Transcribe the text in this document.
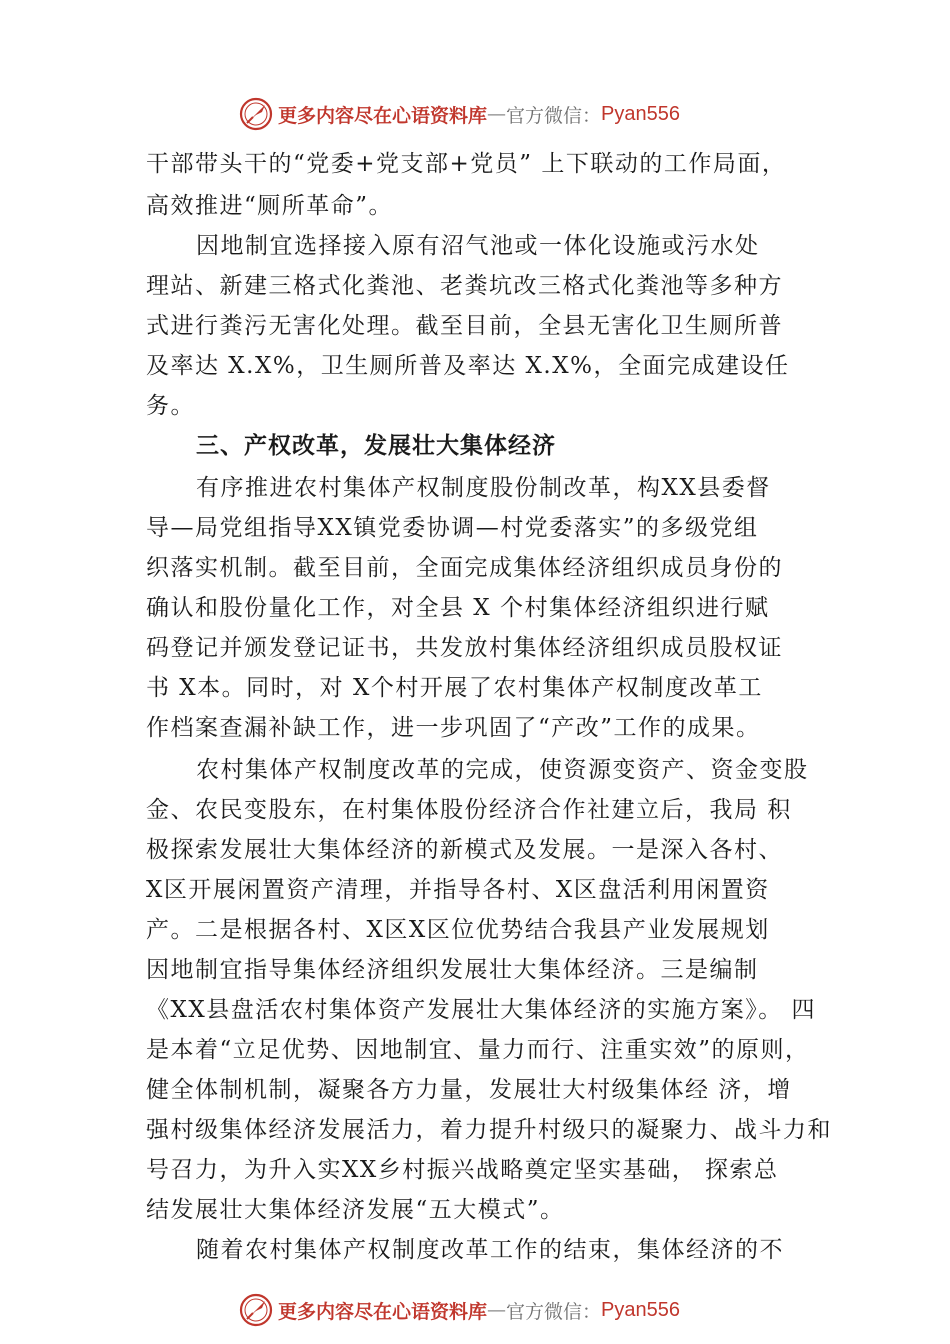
更多内容尽在心语资料库 — 官方微信： Pyan556
干部带头干的“党委+党支部+党员” 上下联动的工作局面，
高效推进“厕所革命”。
因地制宜选择接入原有沼气池或一体化设施或污水处
理站、新建三格式化粪池、老粪坑改三格式化粪池等多种方
式进行粪污无害化处理。截至目前，全县无害化卫生厕所普
及率达 X.X%，卫生厕所普及率达 X.X%，全面完成建设任
务。
三、产权改革，发展壮大集体经济
有序推进农村集体产权制度股份制改革，构XX县委督
导—局党组指导XX镇党委协调—村党委落实”的多级党组
织落实机制。截至目前，全面完成集体经济组织成员身份的
确认和股份量化工作，对全县 X 个村集体经济组织进行赋
码登记并颁发登记证书，共发放村集体经济组织成员股权证
书 X本。同时，对 X个村开展了农村集体产权制度改革工
作档案查漏补缺工作，进一步巩固了“产改”工作的成果。
农村集体产权制度改革的完成，使资源变资产、资金变股
金、农民变股东，在村集体股份经济合作社建立后，我局 积
极探索发展壮大集体经济的新模式及发展。一是深入各村、
X区开展闲置资产清理，并指导各村、X区盘活利用闲置资
产。二是根据各村、X区X区位优势结合我县产业发展规划
因地制宜指导集体经济组织发展壮大集体经济。三是编制
《XX县盘活农村集体资产发展壮大集体经济的实施方案》。 四
是本着“立足优势、因地制宜、量力而行、注重实效”的原则，
健全体制机制，凝聚各方力量，发展壮大村级集体经 济，增
强村级集体经济发展活力，着力提升村级只的凝聚力、战斗力和
号召力，为升入实XX乡村振兴战略奠定坚实基础， 探索总
结发展壮大集体经济发展“五大模式”。
随着农村集体产权制度改革工作的结束，集体经济的不
更多内容尽在心语资料库 — 官方微信： Pyan556
